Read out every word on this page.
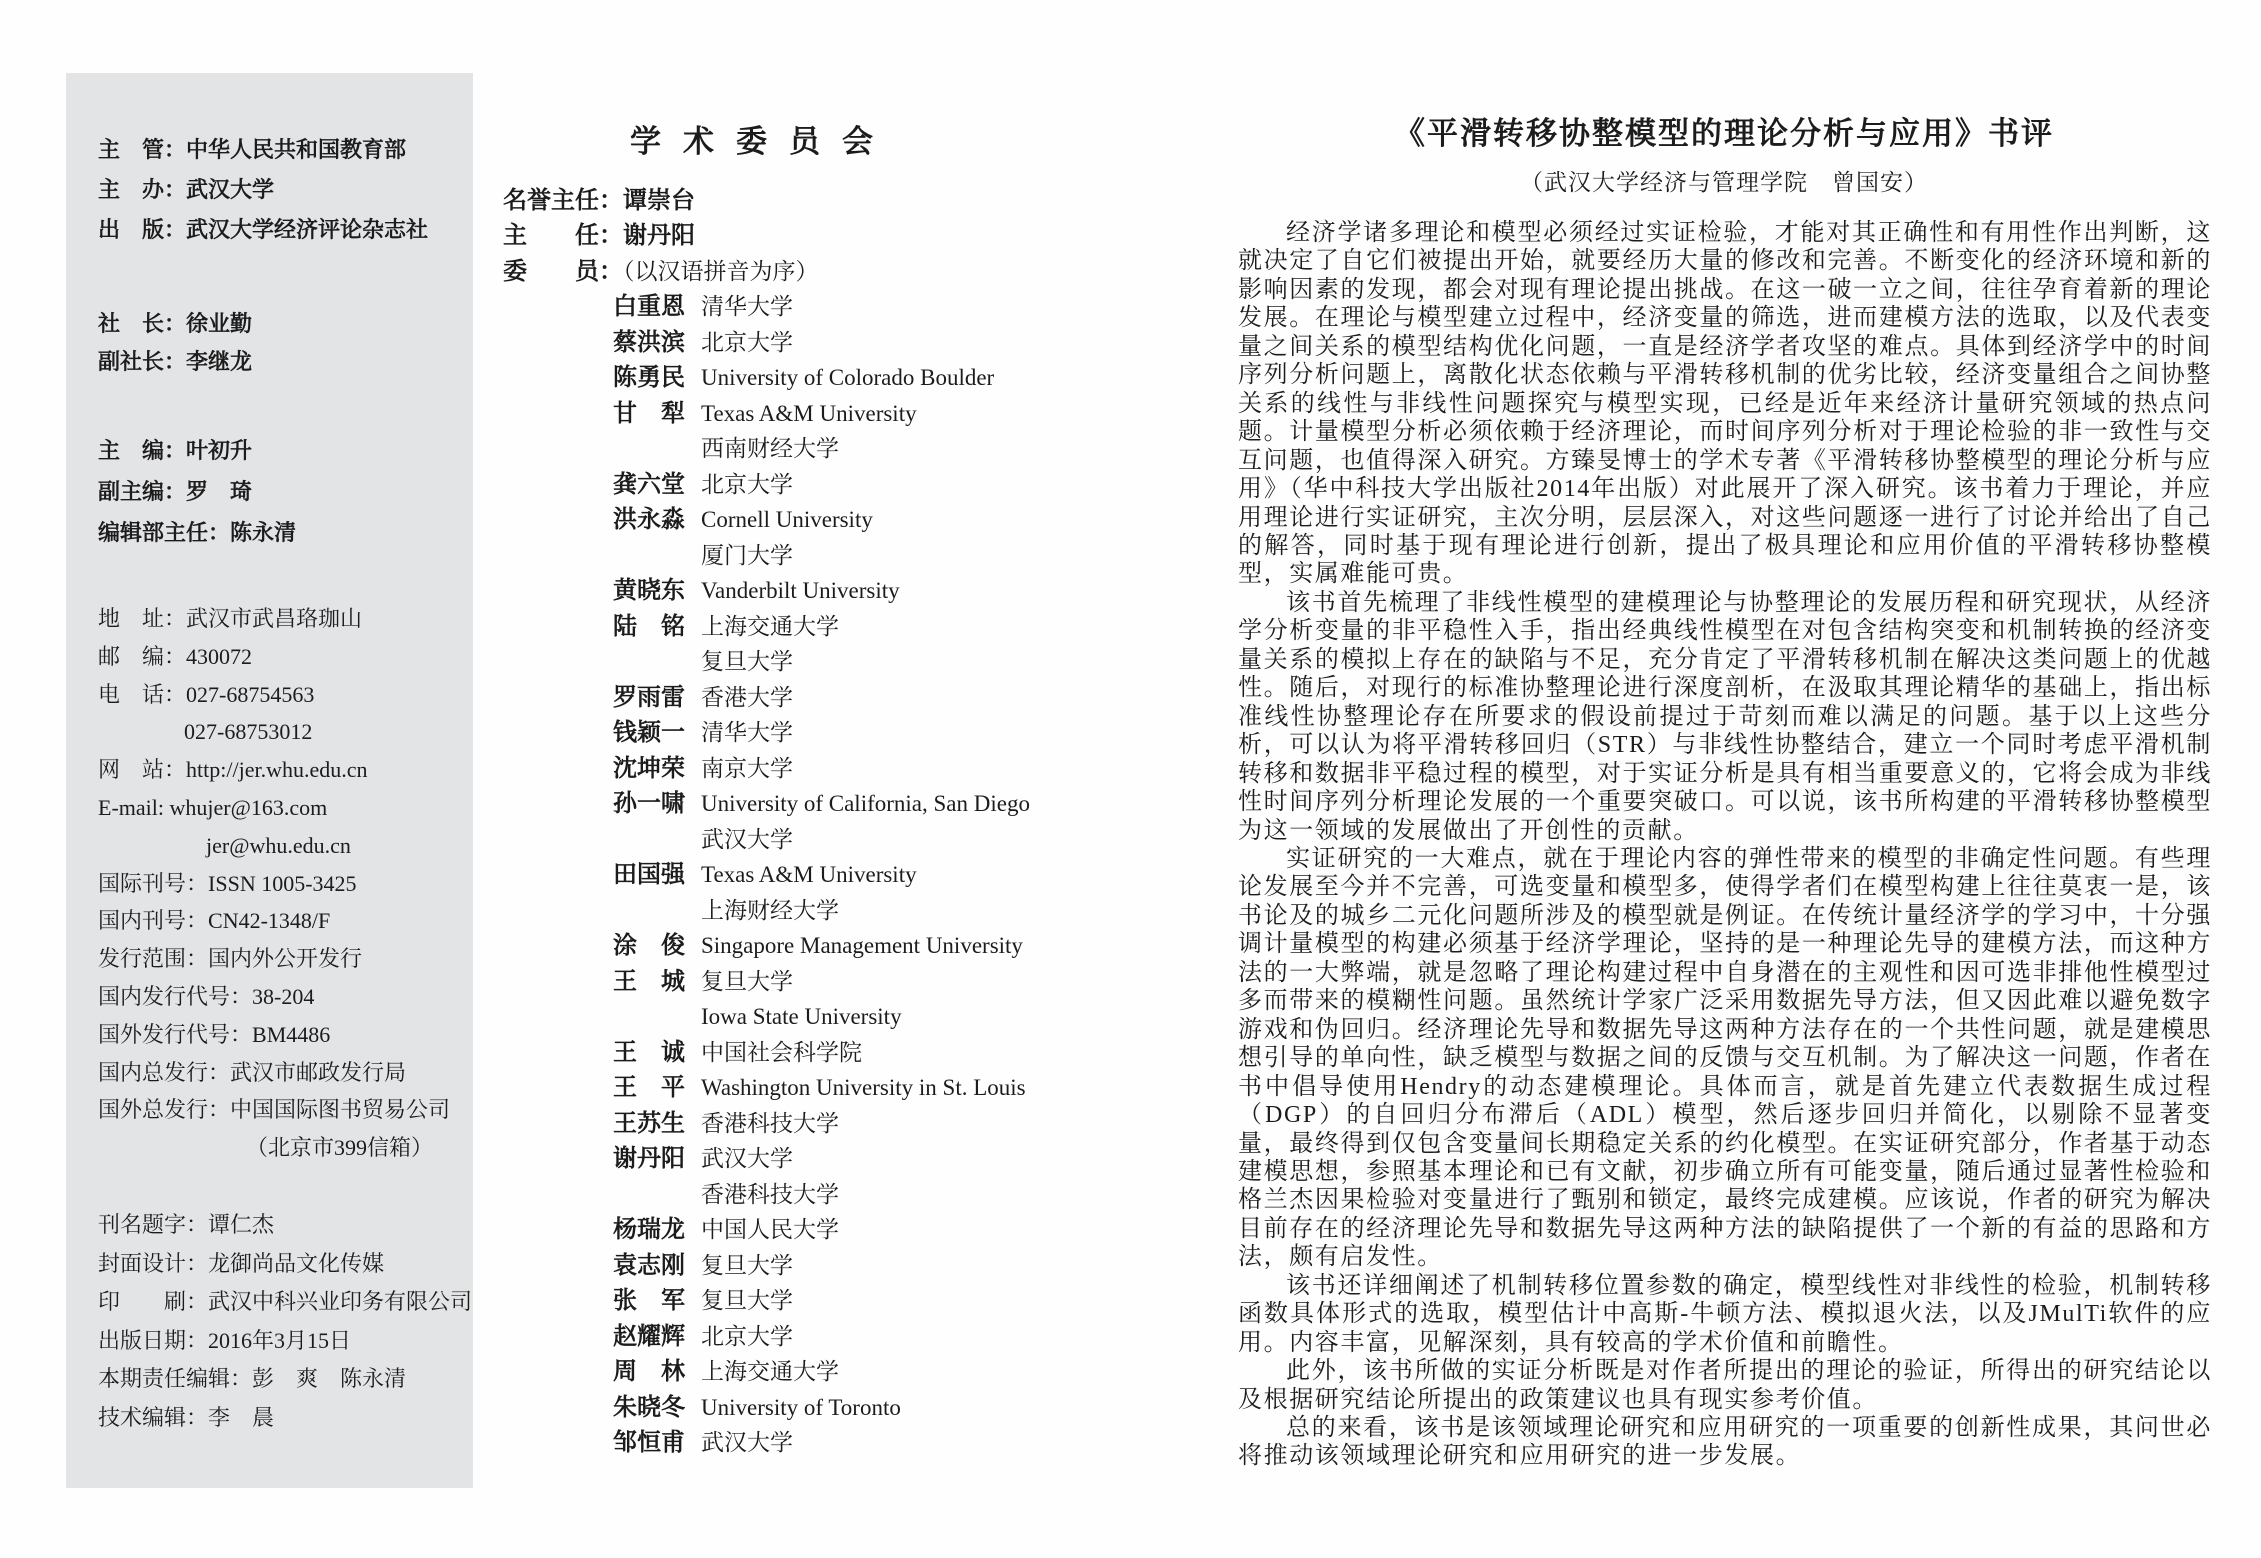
主　管：中华人民共和国教育部
主　办：武汉大学
出　版：武汉大学经济评论杂志社
社　长：徐业勤
副社长：李继龙
主　编：叶初升
副主编：罗　琦
编辑部主任：陈永清
地　址：武汉市武昌珞珈山
邮　编：430072
电　话：027-68754563
027-68753012
网　站：http://jer.whu.edu.cn
E-mail: whujer@163.com
jer@whu.edu.cn
国际刊号：ISSN 1005-3425
国内刊号：CN42-1348/F
发行范围：国内外公开发行
国内发行代号：38-204
国外发行代号：BM4486
国内总发行：武汉市邮政发行局
国外总发行：中国国际图书贸易公司
（北京市399信箱）
刊名题字：谭仁杰
封面设计：龙御尚品文化传媒
印　　刷：武汉中科兴业印务有限公司
出版日期：2016年3月15日
本期责任编辑：彭　爽　陈永清
技术编辑：李　晨
学术委员会
名誉主任：谭崇台
主　　任：谢丹阳
委　　员：（以汉语拼音为序）
白重恩 清华大学
蔡洪滨 北京大学
陈勇民 University of Colorado Boulder
甘　犁 Texas A&M University
西南财经大学
龚六堂 北京大学
洪永淼 Cornell University
厦门大学
黄晓东 Vanderbilt University
陆　铭 上海交通大学
复旦大学
罗雨雷 香港大学
钱颖一 清华大学
沈坤荣 南京大学
孙一啸 University of California, San Diego
武汉大学
田国强 Texas A&M University
上海财经大学
涂　俊 Singapore Management University
王　城 复旦大学
Iowa State University
王　诚 中国社会科学院
王　平 Washington University in St. Louis
王苏生 香港科技大学
谢丹阳 武汉大学
香港科技大学
杨瑞龙 中国人民大学
袁志刚 复旦大学
张　军 复旦大学
赵耀辉 北京大学
周　林 上海交通大学
朱晓冬 University of Toronto
邹恒甫 武汉大学
《平滑转移协整模型的理论分析与应用》书评
（武汉大学经济与管理学院　曾国安）

经济学诸多理论和模型必须经过实证检验，才能对其正确性和有用性作出判断，这就决定了自它们被提出开始，就要经历大量的修改和完善。不断变化的经济环境和新的影响因素的发现，都会对现有理论提出挑战。在这一破一立之间，往往孕育着新的理论发展。在理论与模型建立过程中，经济变量的筛选，进而建模方法的选取，以及代表变量之间关系的模型结构优化问题，一直是经济学者攻坚的难点。具体到经济学中的时间序列分析问题上，离散化状态依赖与平滑转移机制的优劣比较，经济变量组合之间协整关系的线性与非线性问题探究与模型实现，已经是近年来经济计量研究领域的热点问题。计量模型分析必须依赖于经济理论，而时间序列分析对于理论检验的非一致性与交互问题，也值得深入研究。方臻旻博士的学术专著《平滑转移协整模型的理论分析与应用》（华中科技大学出版社2014年出版）对此展开了深入研究。该书着力于理论，并应用理论进行实证研究，主次分明，层层深入，对这些问题逐一进行了讨论并给出了自己的解答，同时基于现有理论进行创新，提出了极具理论和应用价值的平滑转移协整模型，实属难能可贵。

该书首先梳理了非线性模型的建模理论与协整理论的发展历程和研究现状，从经济学分析变量的非平稳性入手，指出经典线性模型在对包含结构突变和机制转换的经济变量关系的模拟上存在的缺陷与不足，充分肯定了平滑转移机制在解决这类问题上的优越性。随后，对现行的标准协整理论进行深度剖析，在汲取其理论精华的基础上，指出标准线性协整理论存在所要求的假设前提过于苛刻而难以满足的问题。基于以上这些分析，可以认为将平滑转移回归（STR）与非线性协整结合，建立一个同时考虑平滑机制转移和数据非平稳过程的模型，对于实证分析是具有相当重要意义的，它将会成为非线性时间序列分析理论发展的一个重要突破口。可以说，该书所构建的平滑转移协整模型为这一领域的发展做出了开创性的贡献。

实证研究的一大难点，就在于理论内容的弹性带来的模型的非确定性问题。有些理论发展至今并不完善，可选变量和模型多，使得学者们在模型构建上往往莫衷一是，该书论及的城乡二元化问题所涉及的模型就是例证。在传统计量经济学的学习中，十分强调计量模型的构建必须基于经济学理论，坚持的是一种理论先导的建模方法，而这种方法的一大弊端，就是忽略了理论构建过程中自身潜在的主观性和因可选非排他性模型过多而带来的模糊性问题。虽然统计学家广泛采用数据先导方法，但又因此难以避免数字游戏和伪回归。经济理论先导和数据先导这两种方法存在的一个共性问题，就是建模思想引导的单向性，缺乏模型与数据之间的反馈与交互机制。为了解决这一问题，作者在书中倡导使用Hendry的动态建模理论。具体而言，就是首先建立代表数据生成过程（DGP）的自回归分布滞后（ADL）模型，然后逐步回归并简化，以剔除不显著变量，最终得到仅包含变量间长期稳定关系的约化模型。在实证研究部分，作者基于动态建模思想，参照基本理论和已有文献，初步确立所有可能变量，随后通过显著性检验和格兰杰因果检验对变量进行了甄别和锁定，最终完成建模。应该说，作者的研究为解决目前存在的经济理论先导和数据先导这两种方法的缺陷提供了一个新的有益的思路和方法，颇有启发性。

该书还详细阐述了机制转移位置参数的确定，模型线性对非线性的检验，机制转移函数具体形式的选取，模型估计中高斯-牛顿方法、模拟退火法，以及JMulTi软件的应用。内容丰富，见解深刻，具有较高的学术价值和前瞻性。

此外，该书所做的实证分析既是对作者所提出的理论的验证，所得出的研究结论以及根据研究结论所提出的政策建议也具有现实参考价值。

总的来看，该书是该领域理论研究和应用研究的一项重要的创新性成果，其问世必将推动该领域理论研究和应用研究的进一步发展。
